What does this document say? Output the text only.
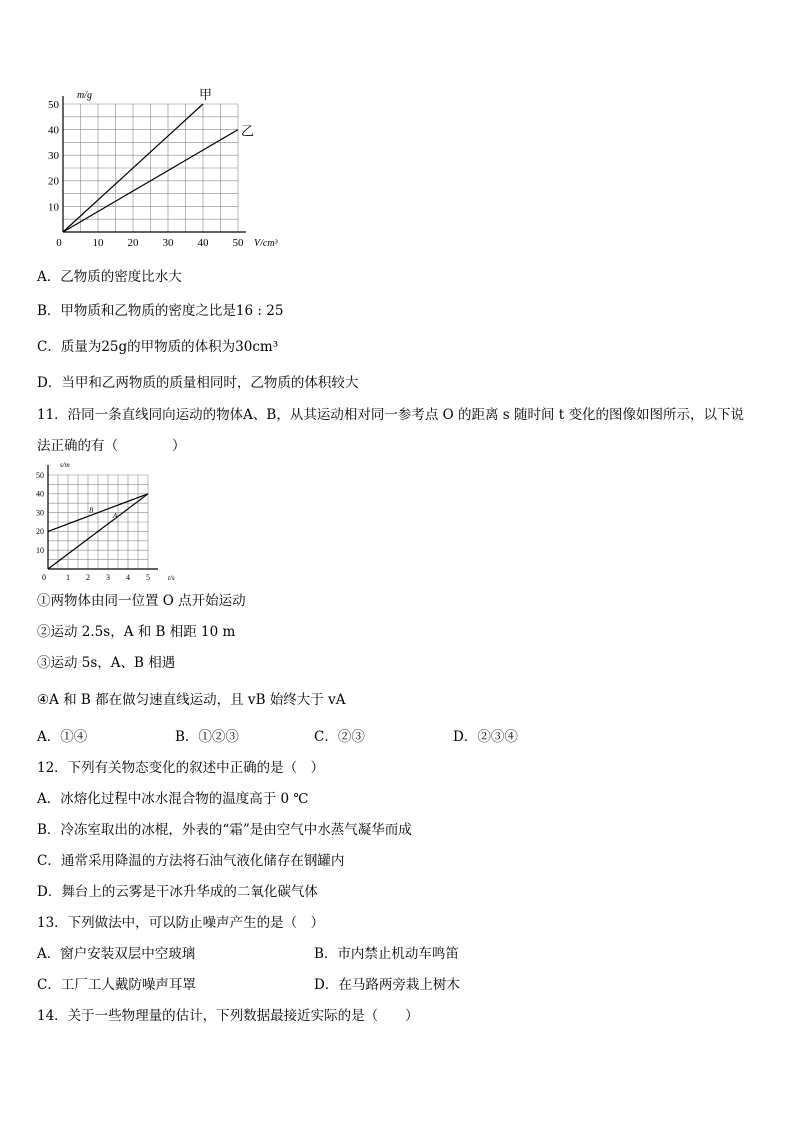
50
40
30
20
10
0	10 20 30 40 50 V/cm³
m/g	甲
乙
A．乙物质的密度比水大
B．甲物质和乙物质的密度之比是16 : 25
C．质量为25g的甲物质的体积为30cm³
D．当甲和乙两物质的质量相同时，乙物质的体积较大
11．沿同一条直线同向运动的物体A、B，从其运动相对同一参考点 O 的距离 s 随时间 t 变化的图像如图所示，以下说
法正确的有（　　　　）
50
40
30
20
10
0	1 2 3 4 5	t/s
s/m
B
A
①两物体由同一位置 O 点开始运动
②运动 2.5s，A 和 B 相距 10 m
③运动 5s，A、B 相遇
④A 和 B 都在做匀速直线运动，且 vB 始终大于 vA
A．①④	B．①②③	C．②③	D．②③④
12．下列有关物态变化的叙述中正确的是（　）
A．冰熔化过程中冰水混合物的温度高于 0 ℃
B．冷冻室取出的冰棍，外表的“霜”是由空气中水蒸气凝华而成
C．通常采用降温的方法将石油气液化储存在钢罐内
D．舞台上的云雾是干冰升华成的二氧化碳气体
13．下列做法中，可以防止噪声产生的是（　）
A．窗户安装双层中空玻璃	B．市内禁止机动车鸣笛
C．工厂工人戴防噪声耳罩	D．在马路两旁栽上树木
14．关于一些物理量的估计，下列数据最接近实际的是（　　）
